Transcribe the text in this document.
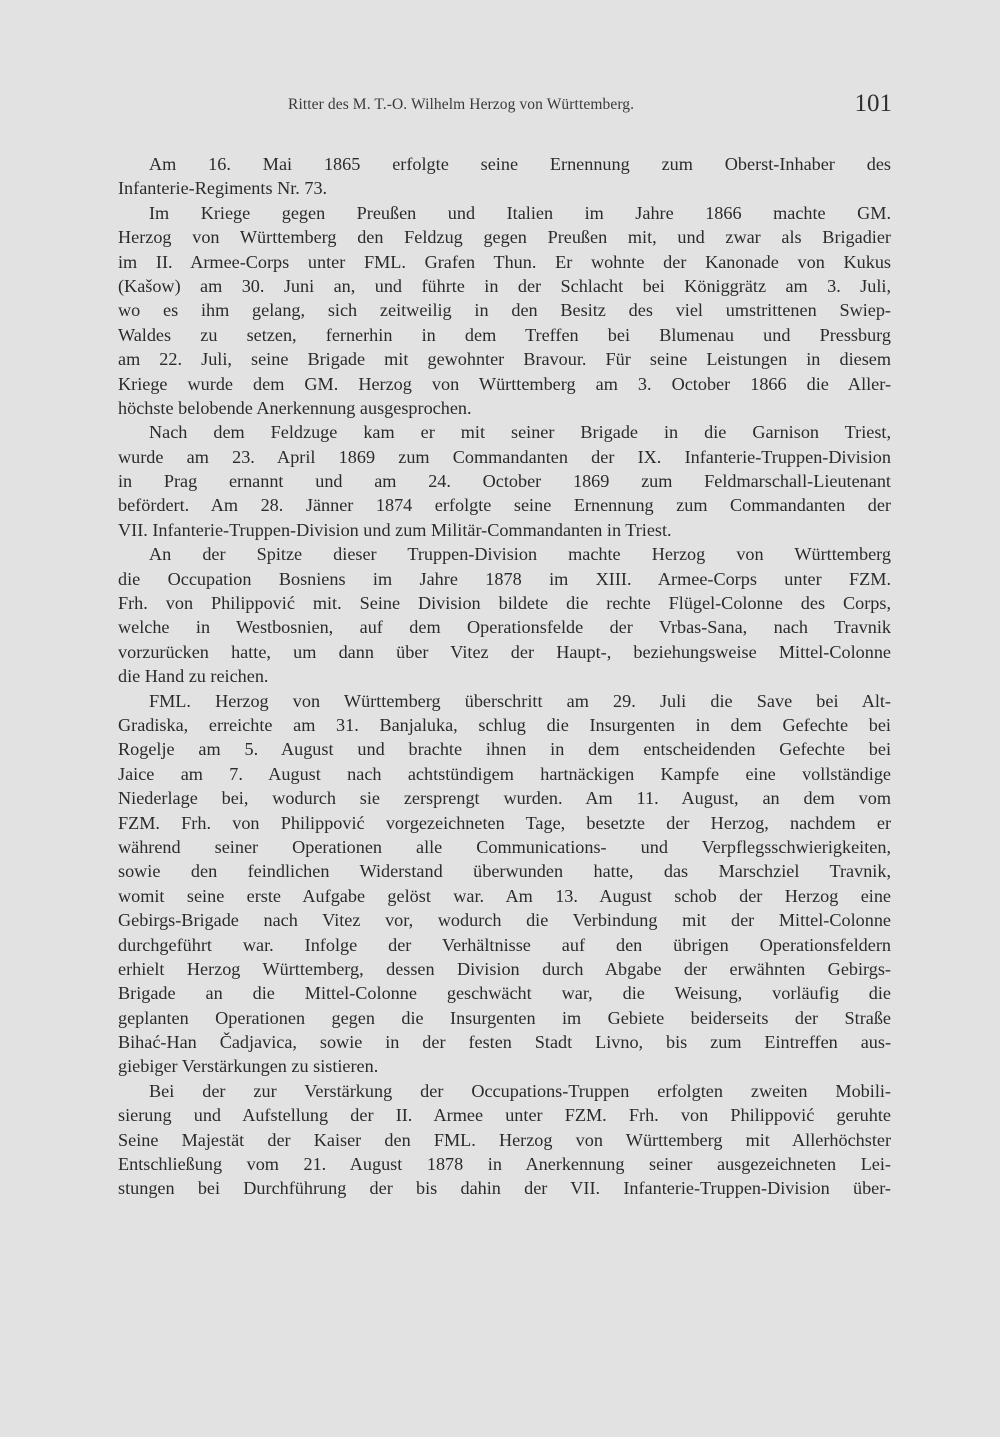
Ritter des M. T.-O. Wilhelm Herzog von Württemberg.	101
Am 16. Mai 1865 erfolgte seine Ernennung zum Oberst-Inhaber des
Infanterie-Regiments Nr. 73.
Im Kriege gegen Preußen und Italien im Jahre 1866 machte GM.
Herzog von Württemberg den Feldzug gegen Preußen mit, und zwar als Brigadier
im II. Armee-Corps unter FML. Grafen Thun. Er wohnte der Kanonade von Kukus
(Kašow) am 30. Juni an, und führte in der Schlacht bei Königgrätz am 3. Juli,
wo es ihm gelang, sich zeitweilig in den Besitz des viel umstrittenen Swiep-
Waldes zu setzen, fernerhin in dem Treffen bei Blumenau und Pressburg
am 22. Juli, seine Brigade mit gewohnter Bravour. Für seine Leistungen in diesem
Kriege wurde dem GM. Herzog von Württemberg am 3. October 1866 die Aller-
höchste belobende Anerkennung ausgesprochen.
Nach dem Feldzuge kam er mit seiner Brigade in die Garnison Triest,
wurde am 23. April 1869 zum Commandanten der IX. Infanterie-Truppen-Division
in Prag ernannt und am 24. October 1869 zum Feldmarschall-Lieutenant
befördert. Am 28. Jänner 1874 erfolgte seine Ernennung zum Commandanten der
VII. Infanterie-Truppen-Division und zum Militär-Commandanten in Triest.
An der Spitze dieser Truppen-Division machte Herzog von Württemberg
die Occupation Bosniens im Jahre 1878 im XIII. Armee-Corps unter FZM.
Frh. von Philippović mit. Seine Division bildete die rechte Flügel-Colonne des Corps,
welche in Westbosnien, auf dem Operationsfelde der Vrbas-Sana, nach Travnik
vorzurücken hatte, um dann über Vitez der Haupt-, beziehungsweise Mittel-Colonne
die Hand zu reichen.
FML. Herzog von Württemberg überschritt am 29. Juli die Save bei Alt-
Gradiska, erreichte am 31. Banjaluka, schlug die Insurgenten in dem Gefechte bei
Rogelje am 5. August und brachte ihnen in dem entscheidenden Gefechte bei
Jaice am 7. August nach achtstündigem hartnäckigen Kampfe eine vollständige
Niederlage bei, wodurch sie zersprengt wurden. Am 11. August, an dem vom
FZM. Frh. von Philippović vorgezeichneten Tage, besetzte der Herzog, nachdem er
während seiner Operationen alle Communications- und Verpflegsschwierigkeiten,
sowie den feindlichen Widerstand überwunden hatte, das Marschziel Travnik,
womit seine erste Aufgabe gelöst war. Am 13. August schob der Herzog eine
Gebirgs-Brigade nach Vitez vor, wodurch die Verbindung mit der Mittel-Colonne
durchgeführt war. Infolge der Verhältnisse auf den übrigen Operationsfeldern
erhielt Herzog Württemberg, dessen Division durch Abgabe der erwähnten Gebirgs-
Brigade an die Mittel-Colonne geschwächt war, die Weisung, vorläufig die
geplanten Operationen gegen die Insurgenten im Gebiete beiderseits der Straße
Bihać-Han Čadjavica, sowie in der festen Stadt Livno, bis zum Eintreffen aus-
giebiger Verstärkungen zu sistieren.
Bei der zur Verstärkung der Occupations-Truppen erfolgten zweiten Mobili-
sierung und Aufstellung der II. Armee unter FZM. Frh. von Philippović geruhte
Seine Majestät der Kaiser den FML. Herzog von Württemberg mit Allerhöchster
Entschließung vom 21. August 1878 in Anerkennung seiner ausgezeichneten Lei-
stungen bei Durchführung der bis dahin der VII. Infanterie-Truppen-Division über-
